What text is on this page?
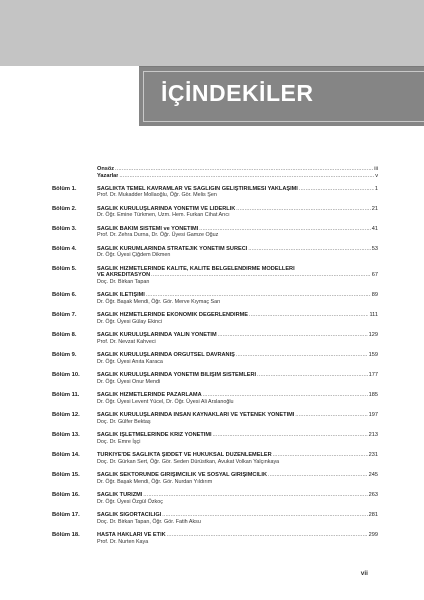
İÇİNDEKİLER
Önsöz .....	iii
Yazarlar .....	v
Bölüm 1.	SAĞLIKTA TEMEL KAVRAMLAR VE SAĞLIĞIN GELİŞTİRİLMESİ YAKLAŞIMI .....	1
Prof. Dr. Mukadder Mollaoğlu, Öğr. Gör. Melis Şen
Bölüm 2.	SAĞLIK KURULUŞLARINDA YÖNETİM VE LİDERLİK .....	21
Dr. Öğr. Emine Türkmen, Uzm. Hem. Furkan Cihat Arıcı
Bölüm 3.	SAĞLIK BAKIM SİSTEMİ ve YÖNETİMİ .....	41
Prof. Dr. Zehra Durna, Dr. Öğr. Üyesi Gamze Oğuz
Bölüm 4.	SAĞLIK KURUMLARINDA STRATEJİK YÖNETİM SÜRECİ .....	53
Dr. Öğr. Üyesi Çiğdem Dikmen
Bölüm 5.	SAĞLIK HİZMETLERİNDE KALİTE, KALİTE BELGELENDİRME MODELLERİ
VE AKREDİTASYON .....	67
Doç. Dr. Birkan Tapan
Bölüm 6.	SAĞLIK İLETİŞİMİ .....	89
Dr. Öğr. Başak Mendi, Öğr. Gör. Merve Kıymaç Sarı
Bölüm 7.	SAĞLIK HİZMETLERİNDE EKONOMİK DEĞERLENDİRME .....	111
Dr. Öğr. Üyesi Gülay Ekinci
Bölüm 8.	SAĞLIK KURULUŞLARINDA YALIN YÖNETİM .....	129
Prof. Dr. Nevzat Kahveci
Bölüm 9.	SAĞLIK KURULUŞLARINDA ÖRGÜTSEL DAVRANIŞ .....	159
Dr. Öğr. Üyesi Anıta Karaca
Bölüm 10.	SAĞLIK KURULUŞLARINDA YÖNETİM BİLİŞİM SİSTEMLERİ .....	177
Dr. Öğr. Üyesi Onur Mendi
Bölüm 11.	SAĞLIK HİZMETLERİNDE PAZARLAMA .....	185
Dr. Öğr. Üyesi Levent Yücel, Dr. Öğr. Üyesi Ali Arslanoğlu
Bölüm 12.	SAĞLIK KURULUŞLARINDA İNSAN KAYNAKLARI VE YETENEK YÖNETİMİ .....	197
Doç. Dr. Gülfer Bektaş
Bölüm 13.	SAĞLIK İŞLETMELERİNDE KRİZ YÖNETİMİ .....	213
Doç. Dr. Emre İşçi
Bölüm 14.	TÜRKİYE'DE SAĞLIKTA ŞİDDET VE HUKUKSAL DÜZENLEMELER .....	231
Doç. Dr. Gürkan Sert, Öğr. Gör. Seden Dürüstkan, Avukat Volkan Yalçınkaya
Bölüm 15.	SAĞLIK SEKTÖRÜNDE GİRİŞİMCİLİK VE SOSYAL GİRİŞİMCİLİK .....	245
Dr. Öğr. Başak Mendi, Öğr. Gör. Nurdan Yıldırım
Bölüm 16.	SAĞLIK TURİZMİ .....	263
Dr. Öğr. Üyesi Özgül Özkoç
Bölüm 17.	SAĞLIK SİGORTACILIĞI .....	281
Doç. Dr. Birkan Tapan, Öğr. Gör. Fatih Aksu
Bölüm 18.	HASTA HAKLARI VE ETİK .....	299
Prof. Dr. Nurten Kaya
vii
